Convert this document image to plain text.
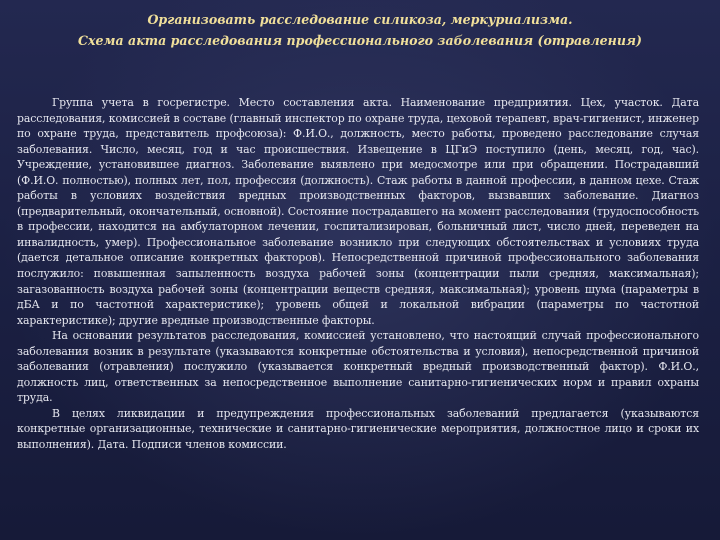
Организовать расследование силикоза, меркуриализма.
Схема акта расследования профессионального заболевания (отравления)

Группа учета в госрегистре. Место составления акта. Наименование предприятия. Цех, участок. Дата расследования, комиссией в составе (главный инспектор по охране труда, цеховой терапевт, врач-гигиенист, инженер по охране труда, представитель профсоюза): Ф.И.О., должность, место работы, проведено расследование случая заболевания. Число, месяц, год и час происшествия. Извещение в ЦГиЭ поступило (день, месяц, год, час). Учреждение, установившее диагноз. Заболевание выявлено при медосмотре или при обращении. Пострадавший (Ф.И.О. полностью), полных лет, пол, профессия (должность). Стаж работы в данной профессии, в данном цехе. Стаж работы в условиях воздействия вредных производственных факторов, вызвавших заболевание. Диагноз (предварительный, окончательный, основной). Состояние пострадавшего на момент расследования (трудоспособность в профессии, находится на амбулаторном лечении, госпитализирован, больничный лист, число дней, переведен на инвалидность, умер). Профессиональное заболевание возникло при следующих обстоятельствах и условиях труда (дается детальное описание конкретных факторов). Непосредственной причиной профессионального заболевания послужило: повышенная запыленность воздуха рабочей зоны (концентрации пыли средняя, максимальная); загазованность воздуха рабочей зоны (концентрации веществ средняя, максимальная); уровень шума (параметры в дБА и по частотной характеристике); уровень общей и локальной вибрации (параметры по частотной характеристике); другие вредные производственные факторы.

На основании результатов расследования, комиссией установлено, что настоящий случай профессионального заболевания возник в результате (указываются конкретные обстоятельства и условия), непосредственной причиной заболевания (отравления) послужило (указывается конкретный вредный производственный фактор). Ф.И.О., должность лиц, ответственных за непосредственное выполнение санитарно-гигиенических норм и правил охраны труда.

В целях ликвидации и предупреждения профессиональных заболеваний предлагается (указываются конкретные организационные, технические и санитарно-гигиенические мероприятия, должностное лицо и сроки их выполнения). Дата. Подписи членов комиссии.
